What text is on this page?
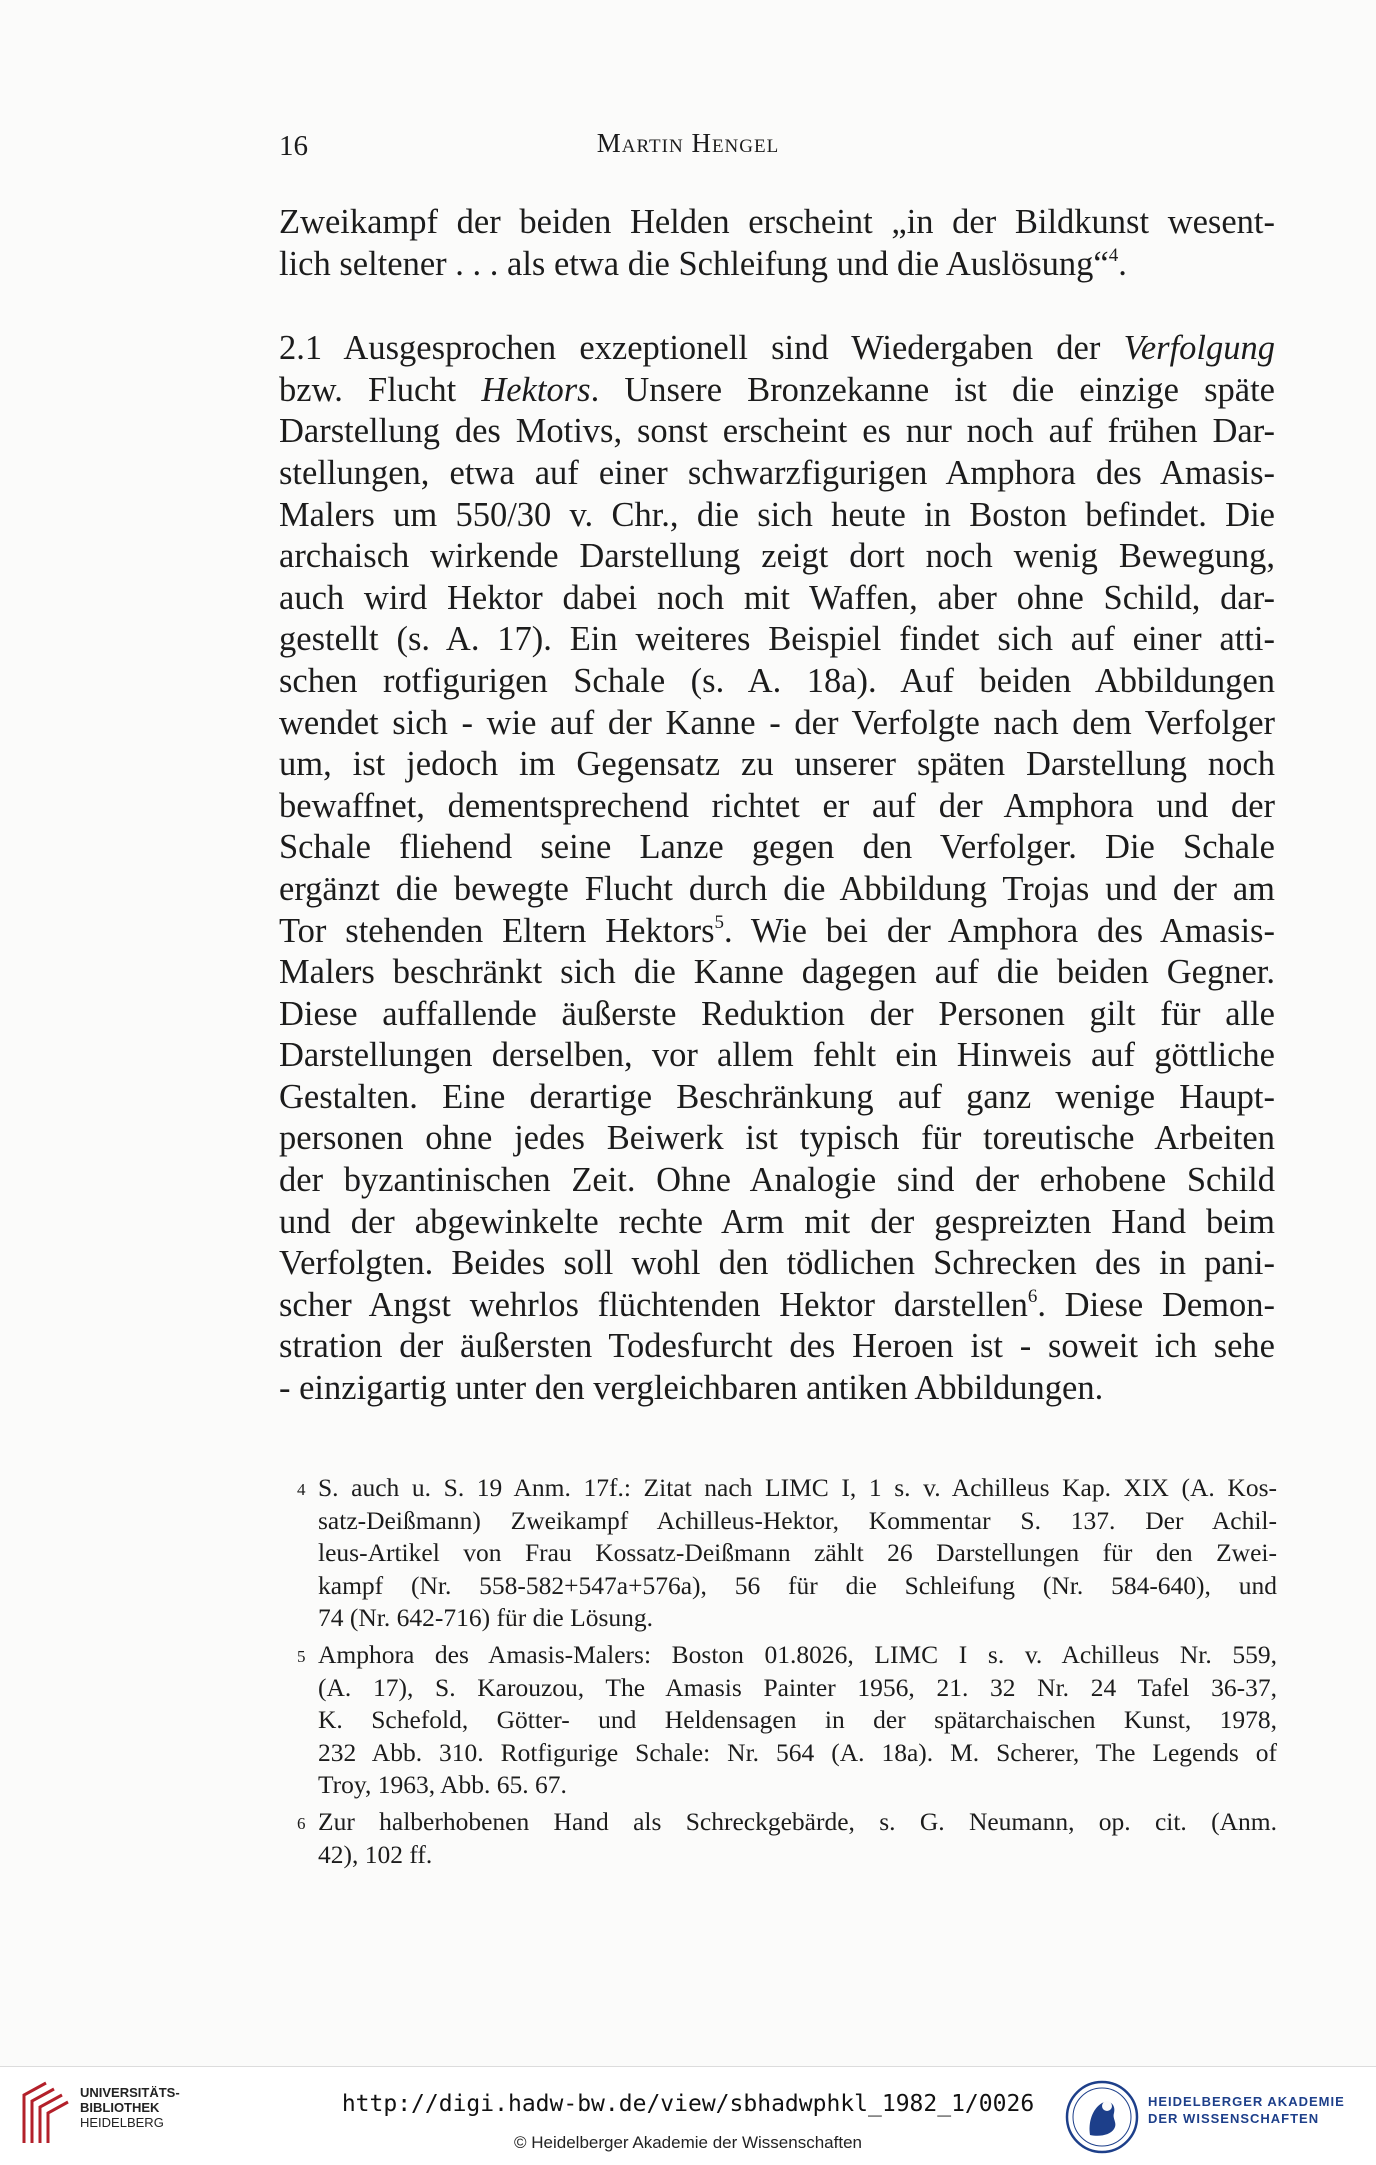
16	Martin Hengel
Zweikampf der beiden Helden erscheint „in der Bildkunst wesent-
lich seltener . . . als etwa die Schleifung und die Auslösung“$^4$.
2.1 Ausgesprochen exzeptionell sind Wiedergaben der Verfolgung
bzw. Flucht Hektors. Unsere Bronzekanne ist die einzige späte
Darstellung des Motivs, sonst erscheint es nur noch auf frühen Dar-
stellungen, etwa auf einer schwarzfigurigen Amphora des Amasis-
Malers um 550/30 v. Chr., die sich heute in Boston befindet. Die
archaisch wirkende Darstellung zeigt dort noch wenig Bewegung,
auch wird Hektor dabei noch mit Waffen, aber ohne Schild, dar-
gestellt (s. A. 17). Ein weiteres Beispiel findet sich auf einer atti-
schen rotfigurigen Schale (s. A. 18a). Auf beiden Abbildungen
wendet sich - wie auf der Kanne - der Verfolgte nach dem Verfolger
um, ist jedoch im Gegensatz zu unserer späten Darstellung noch
bewaffnet, dementsprechend richtet er auf der Amphora und der
Schale fliehend seine Lanze gegen den Verfolger. Die Schale
ergänzt die bewegte Flucht durch die Abbildung Trojas und der am
Tor stehenden Eltern Hektors$^5$. Wie bei der Amphora des Amasis-
Malers beschränkt sich die Kanne dagegen auf die beiden Gegner.
Diese auffallende äußerste Reduktion der Personen gilt für alle
Darstellungen derselben, vor allem fehlt ein Hinweis auf göttliche
Gestalten. Eine derartige Beschränkung auf ganz wenige Haupt-
personen ohne jedes Beiwerk ist typisch für toreutische Arbeiten
der byzantinischen Zeit. Ohne Analogie sind der erhobene Schild
und der abgewinkelte rechte Arm mit der gespreizten Hand beim
Verfolgten. Beides soll wohl den tödlichen Schrecken des in pani-
scher Angst wehrlos flüchtenden Hektor darstellen$^6$. Diese Demon-
stration der äußersten Todesfurcht des Heroen ist - soweit ich sehe
- einzigartig unter den vergleichbaren antiken Abbildungen.
4 S. auch u. S. 19 Anm. 17f.: Zitat nach LIMC I, 1 s. v. Achilleus Kap. XIX (A. Kos-
satz-Deißmann) Zweikampf Achilleus-Hektor, Kommentar S. 137. Der Achil-
leus-Artikel von Frau Kossatz-Deißmann zählt 26 Darstellungen für den Zwei-
kampf (Nr. 558-582+547a+576a), 56 für die Schleifung (Nr. 584-640), und
74 (Nr. 642-716) für die Lösung.
5 Amphora des Amasis-Malers: Boston 01.8026, LIMC I s. v. Achilleus Nr. 559,
(A. 17), S. Karouzou, The Amasis Painter 1956, 21. 32 Nr. 24 Tafel 36-37,
K. Schefold, Götter- und Heldensagen in der spätarchaischen Kunst, 1978,
232 Abb. 310. Rotfigurige Schale: Nr. 564 (A. 18a). M. Scherer, The Legends of
Troy, 1963, Abb. 65. 67.
6 Zur halberhobenen Hand als Schreckgebärde, s. G. Neumann, op. cit. (Anm.
42), 102 ff.
UNIVERSITÄTS-
BIBLIOTHEK
HEIDELBERG
http://digi.hadw-bw.de/view/sbhadwphkl_1982_1/0026
© Heidelberger Akademie der Wissenschaften
HEIDELBERGER AKADEMIE
DER WISSENSCHAFTEN
